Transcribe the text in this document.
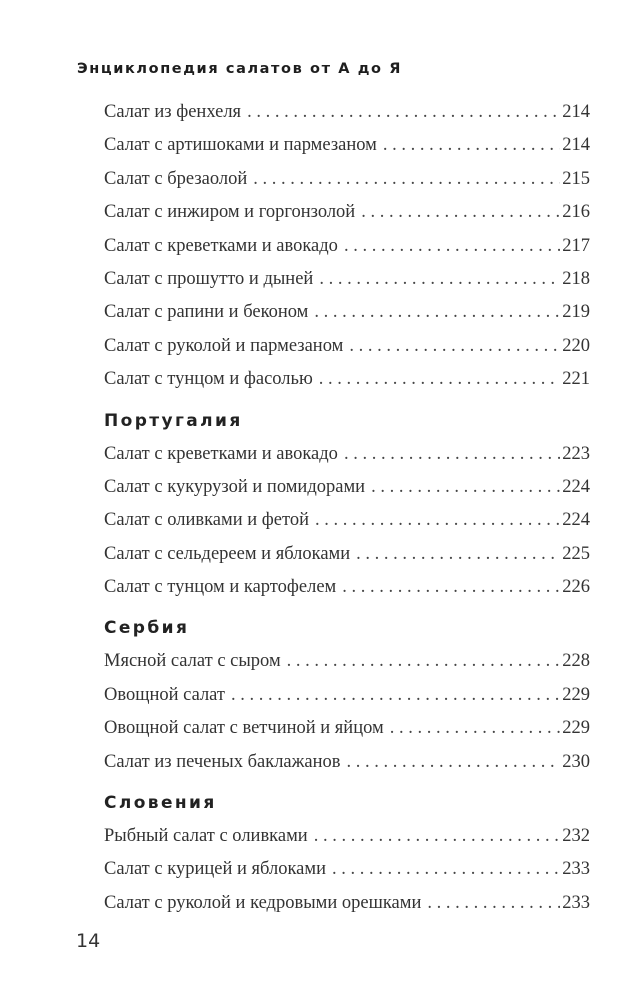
Энциклопедия салатов от А до Я
Салат из фенхеля . . .	214
Салат с артишоками и пармезаном . . .	214
Салат с брезаолой . . .	215
Салат с инжиром и горгонзолой . . .	216
Салат с креветками и авокадо . . .	217
Салат с прошутто и дыней . . .	218
Салат с рапини и беконом . . .	219
Салат с руколой и пармезаном . . .	220
Салат с тунцом и фасолью . . .	221
Португалия
Салат с креветками и авокадо . . .	223
Салат с кукурузой и помидорами . . .	224
Салат с оливками и фетой . . .	224
Салат с сельдереем и яблоками . . .	225
Салат с тунцом и картофелем . . .	226
Сербия
Мясной салат с сыром . . .	228
Овощной салат . . .	229
Овощной салат с ветчиной и яйцом . . .	229
Салат из печеных баклажанов . . .	230
Словения
Рыбный салат с оливками . . .	232
Салат с курицей и яблоками . . .	233
Салат с руколой и кедровыми орешками . . .	233
14
